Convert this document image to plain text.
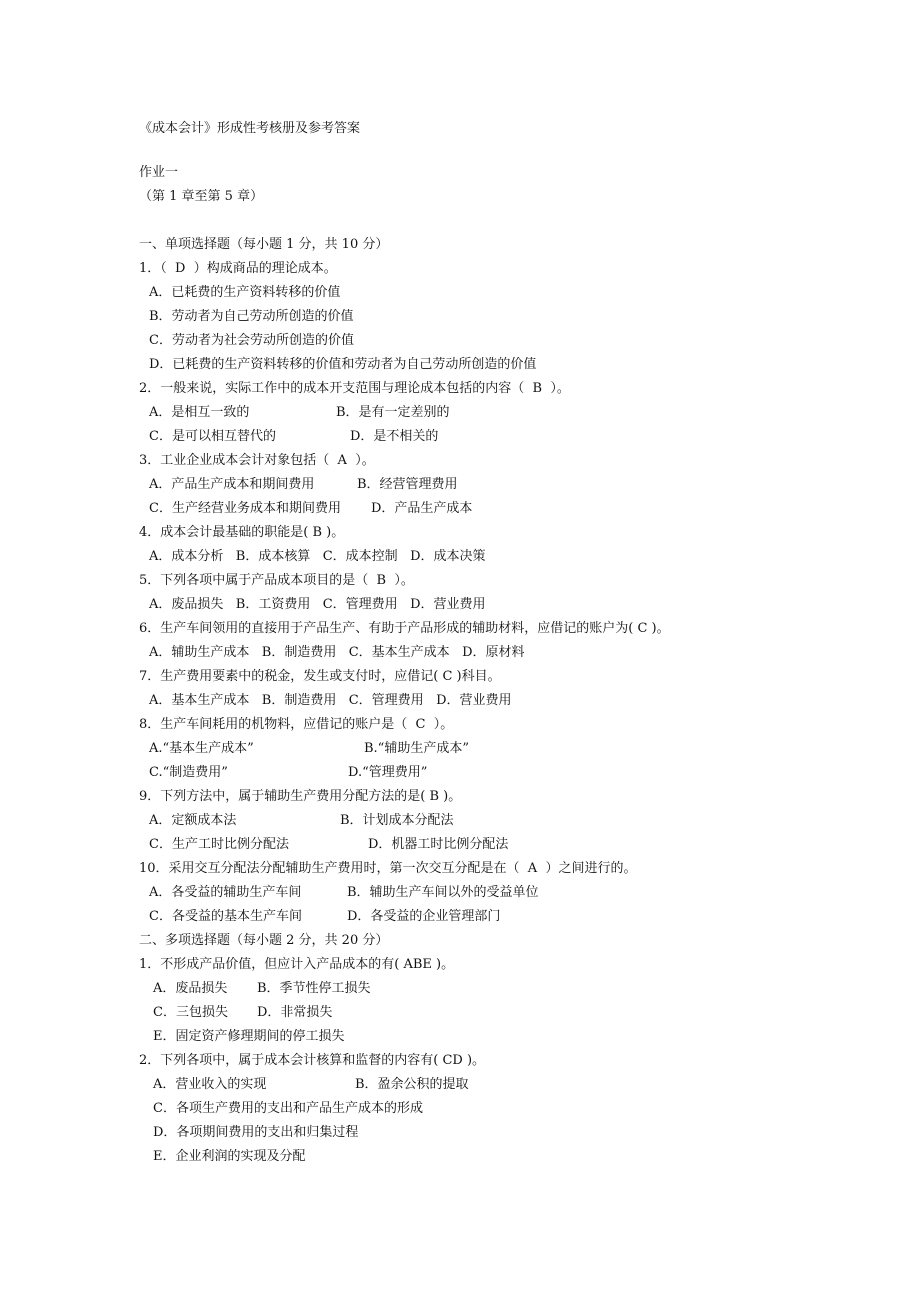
《成本会计》形成性考核册及参考答案
作业一
（第 1 章至第 5 章）
一、单项选择题（每小题 1 分，共 10 分）
1．（  D  ）构成商品的理论成本。
A．已耗费的生产资料转移的价值
B．劳动者为自己劳动所创造的价值
C．劳动者为社会劳动所创造的价值
D．已耗费的生产资料转移的价值和劳动者为自己劳动所创造的价值
2．一般来说，实际工作中的成本开支范围与理论成本包括的内容（  B  ）。
A．是相互一致的	B．是有一定差别的
C．是可以相互替代的	D．是不相关的
3．工业企业成本会计对象包括（  A  ）。
A．产品生产成本和期间费用	B．经营管理费用
C．生产经营业务成本和期间费用 D．产品生产成本
4．成本会计最基础的职能是( B )。
A．成本分析   B．成本核算   C．成本控制   D．成本决策
5．下列各项中属于产品成本项目的是（  B  ）。
A．废品损失   B．工资费用   C．管理费用   D．营业费用
6．生产车间领用的直接用于产品生产、有助于产品形成的辅助材料，应借记的账户为( C )。
A．辅助生产成本   B．制造费用   C．基本生产成本   D．原材料
7．生产费用要素中的税金，发生或支付时，应借记( C )科目。
A．基本生产成本   B．制造费用   C．管理费用   D．营业费用
8．生产车间耗用的机物料，应借记的账户是（  C  ）。
A.“基本生产成本”	B.“辅助生产成本”
C.“制造费用”	D.“管理费用”
9．下列方法中，属于辅助生产费用分配方法的是( B )。
A．定额成本法	B．计划成本分配法
C．生产工时比例分配法	D．机器工时比例分配法
10．采用交互分配法分配辅助生产费用时，第一次交互分配是在（  A  ）之间进行的。
A．各受益的辅助生产车间	B．辅助生产车间以外的受益单位
C．各受益的基本生产车间	D．各受益的企业管理部门
二、多项选择题（每小题 2 分，共 20 分）
1．不形成产品价值，但应计入产品成本的有( ABE )。
A．废品损失 B．季节性停工损失
C．三包损失 D．非常损失
E．固定资产修理期间的停工损失
2．下列各项中，属于成本会计核算和监督的内容有( CD )。
A．营业收入的实现	B．盈余公积的提取
C．各项生产费用的支出和产品生产成本的形成
D．各项期间费用的支出和归集过程
E．企业利润的实现及分配
